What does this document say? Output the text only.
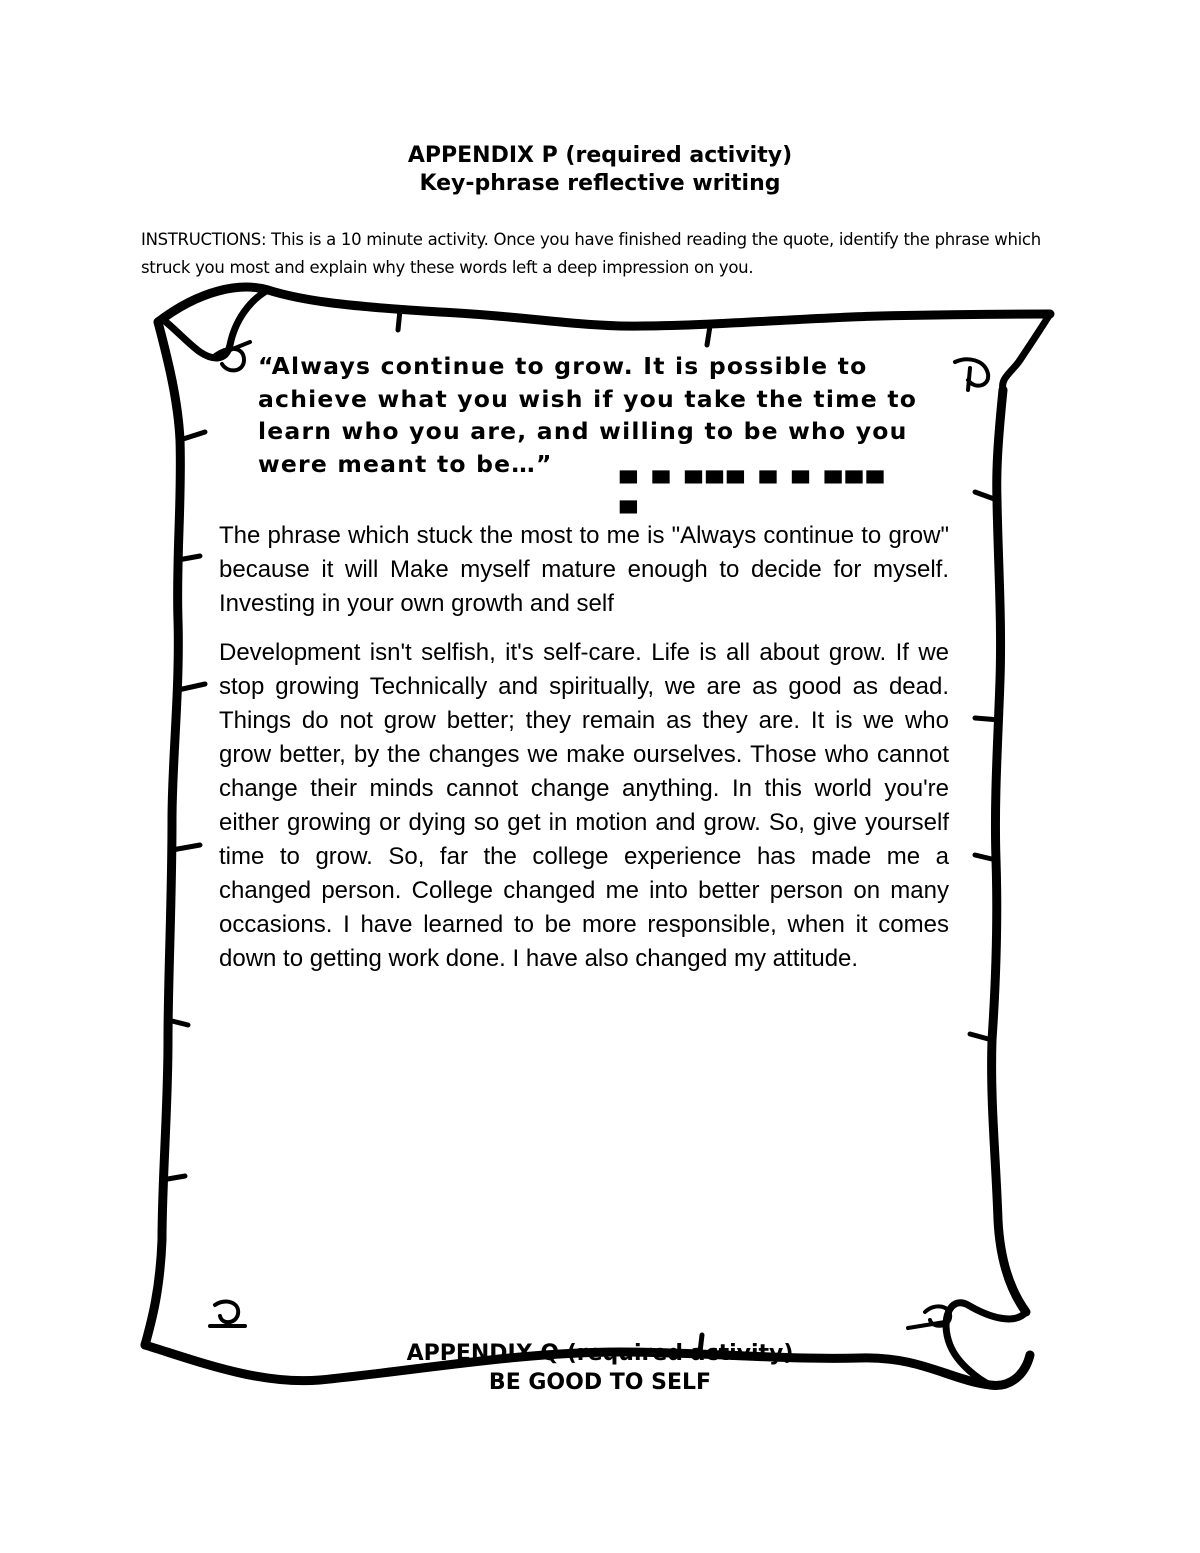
APPENDIX P (required activity)
Key-phrase reflective writing

INSTRUCTIONS: This is a 10 minute activity. Once you have finished reading the quote, identify the phrase which struck you most and explain why these words left a deep impression on you.

“Always continue to grow. It is possible to achieve what you wish if you take the time to learn who you are, and willing to be who you were meant to be…”

▀ ▀ ▀▀▀ ▀ ▀ ▀▀▀ ▀

The phrase which stuck the most to me is "Always continue to grow" because it will Make myself mature enough to decide for myself. Investing in your own growth and self

Development isn't selfish, it's self-care. Life is all about grow. If we stop growing Technically and spiritually, we are as good as dead. Things do not grow better; they remain as they are. It is we who grow better, by the changes we make ourselves. Those who cannot change their minds cannot change anything. In this world you're either growing or dying so get in motion and grow. So, give yourself time to grow. So, far the college experience has made me a changed person. College changed me into better person on many occasions. I have learned to be more responsible, when it comes down to getting work done. I have also changed my attitude.

APPENDIX Q (required activity)
BE GOOD TO SELF
